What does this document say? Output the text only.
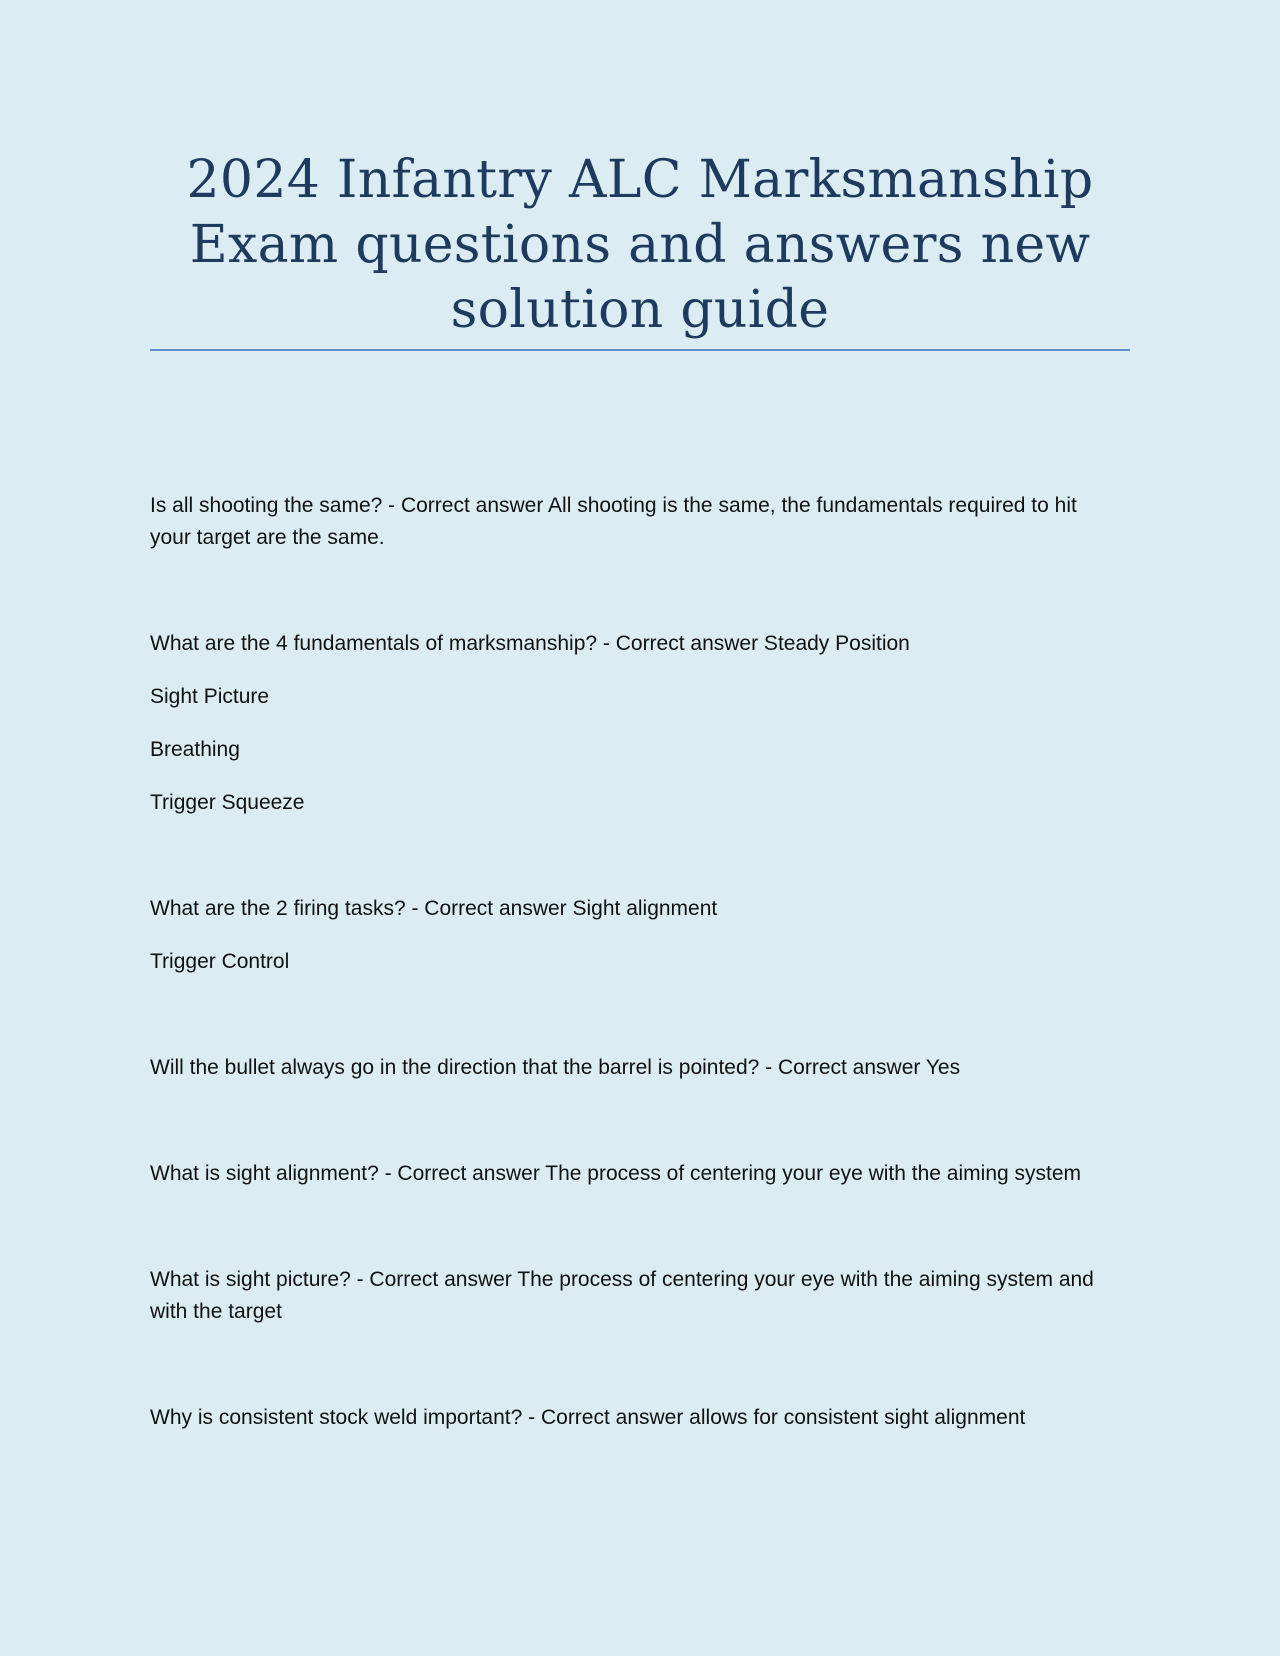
2024 Infantry ALC Marksmanship Exam questions and answers new solution guide

Is all shooting the same? - Correct answer All shooting is the same, the fundamentals required to hit your target are the same.

What are the 4 fundamentals of marksmanship? - Correct answer Steady Position

Sight Picture

Breathing

Trigger Squeeze

What are the 2 firing tasks? - Correct answer Sight alignment

Trigger Control

Will the bullet always go in the direction that the barrel is pointed? - Correct answer Yes

What is sight alignment? - Correct answer The process of centering your eye with the aiming system

What is sight picture? - Correct answer The process of centering your eye with the aiming system and with the target

Why is consistent stock weld important? - Correct answer allows for consistent sight alignment
